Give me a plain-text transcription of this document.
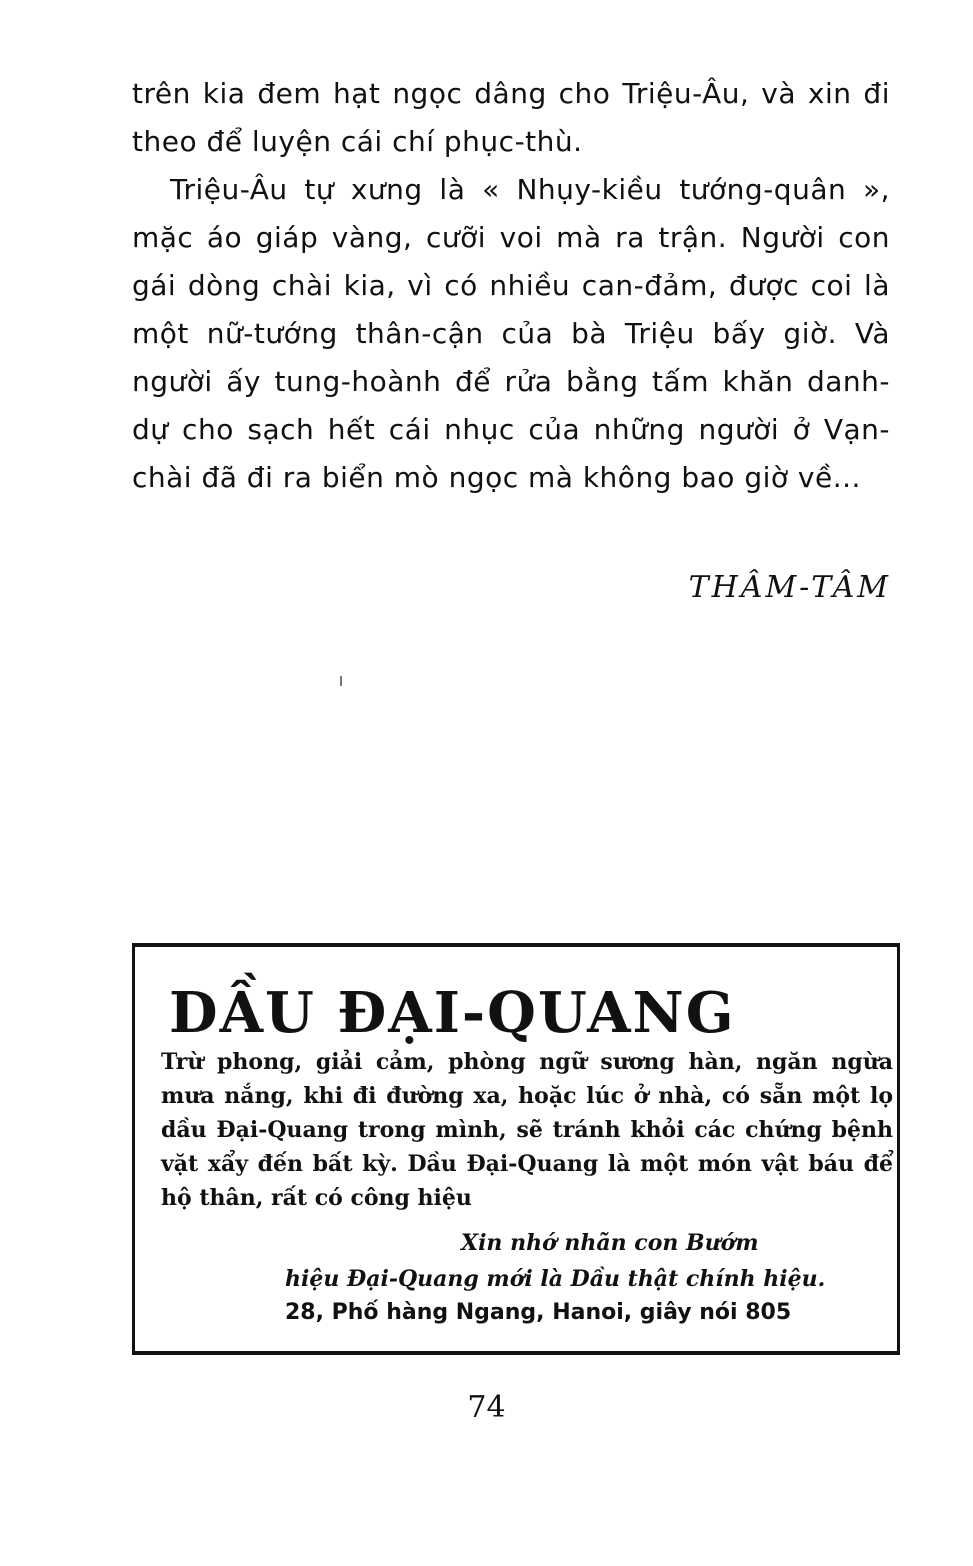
trên kia đem hạt ngọc dâng cho Triệu-Âu, và xin đi theo để luyện cái chí phục-thù.

Triệu-Âu tự xưng là « Nhụy-kiều tướng-quân », mặc áo giáp vàng, cưỡi voi mà ra trận. Người con gái dòng chài kia, vì có nhiều can-đảm, được coi là một nữ-tướng thân-cận của bà Triệu bấy giờ. Và người ấy tung-hoành để rửa bằng tấm khăn danh-dự cho sạch hết cái nhục của những người ở Vạn-chài đã đi ra biển mò ngọc mà không bao giờ về...

THÂM-TÂM
DẦU ĐẠI-QUANG
Trừ phong, giải cảm, phòng ngữ sương hàn, ngăn ngừa mưa nắng, khi đi đường xa, hoặc lúc ở nhà, có sẵn một lọ dầu Đại-Quang trong mình, sẽ tránh khỏi các chứng bệnh vặt xẩy đến bất kỳ. Dầu Đại-Quang là một món vật báu để hộ thân, rất có công hiệu
Xin nhớ nhãn con Bướm
hiệu Đại-Quang mới là Dầu thật chính hiệu.
28, Phố hàng Ngang, Hanoi, giây nói 805
74
